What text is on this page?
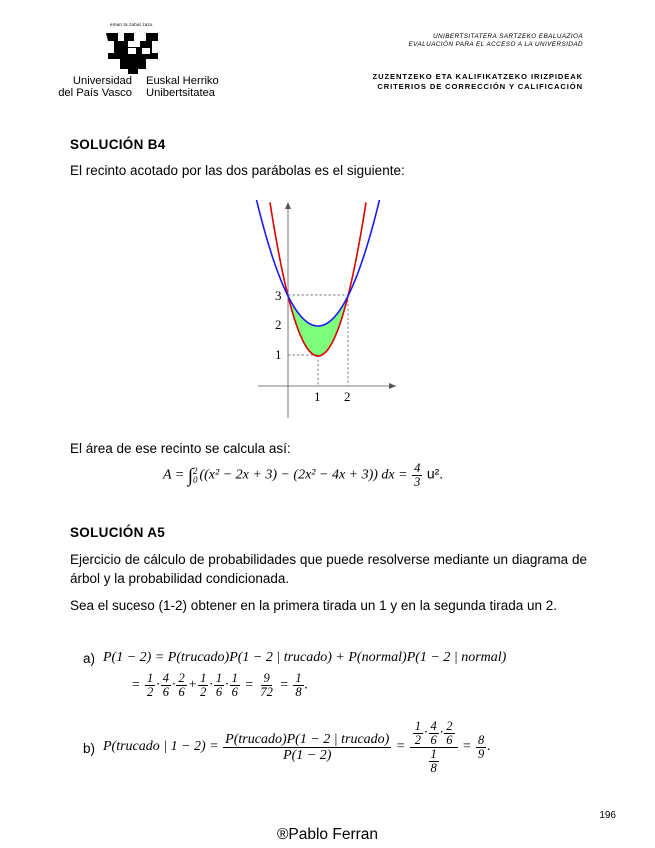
eman ta zabal zazu
Universidad
del País Vasco
Euskal Herriko
Unibertsitatea
UNIBERTSITATERA SARTZEKO EBALUAZIOA
EVALUACIÓN PARA EL ACCESO A LA UNIVERSIDAD
ZUZENTZEKO ETA KALIFIKATZEKO IRIZPIDEAK
CRITERIOS DE CORRECCIÓN Y CALIFICACIÓN
SOLUCIÓN B4
El recinto acotado por las dos parábolas es el siguiente:
1
2
3
1 2
El área de ese recinto se calcula así:
A = ∫ 2
0 ((x² − 2x + 3) − (2x² − 4x + 3)) dx = $\frac{4}{3} u^2$.
SOLUCIÓN A5
Ejercicio de cálculo de probabilidades que puede resolverse mediante un diagrama de árbol y la probabilidad condicionada.
Sea el suceso (1-2) obtener en la primera tirada un 1 y en la segunda tirada un 2.
a) P(1 − 2) = P(trucado)P(1 − 2 | trucado) + P(normal)P(1 − 2 | normal)
= $\frac{1}{2} \cdot \frac{4}{6} \cdot \frac{2}{6} + \frac{1}{2} \cdot \frac{1}{6} \cdot \frac{1}{6} = \frac{9}{72} = \frac{1}{8}$ .
b) P(trucado | $1 - 2) = \frac{\text{P(trucado)P(1 − 2 | trucado)}}{P(1 - 2)} = \frac{\frac{1}{2} \cdot \frac{4}{6} \cdot \frac{2}{6}}{\frac{1}{8}} = \frac{8}{9}$ .
196
®Pablo Ferran
